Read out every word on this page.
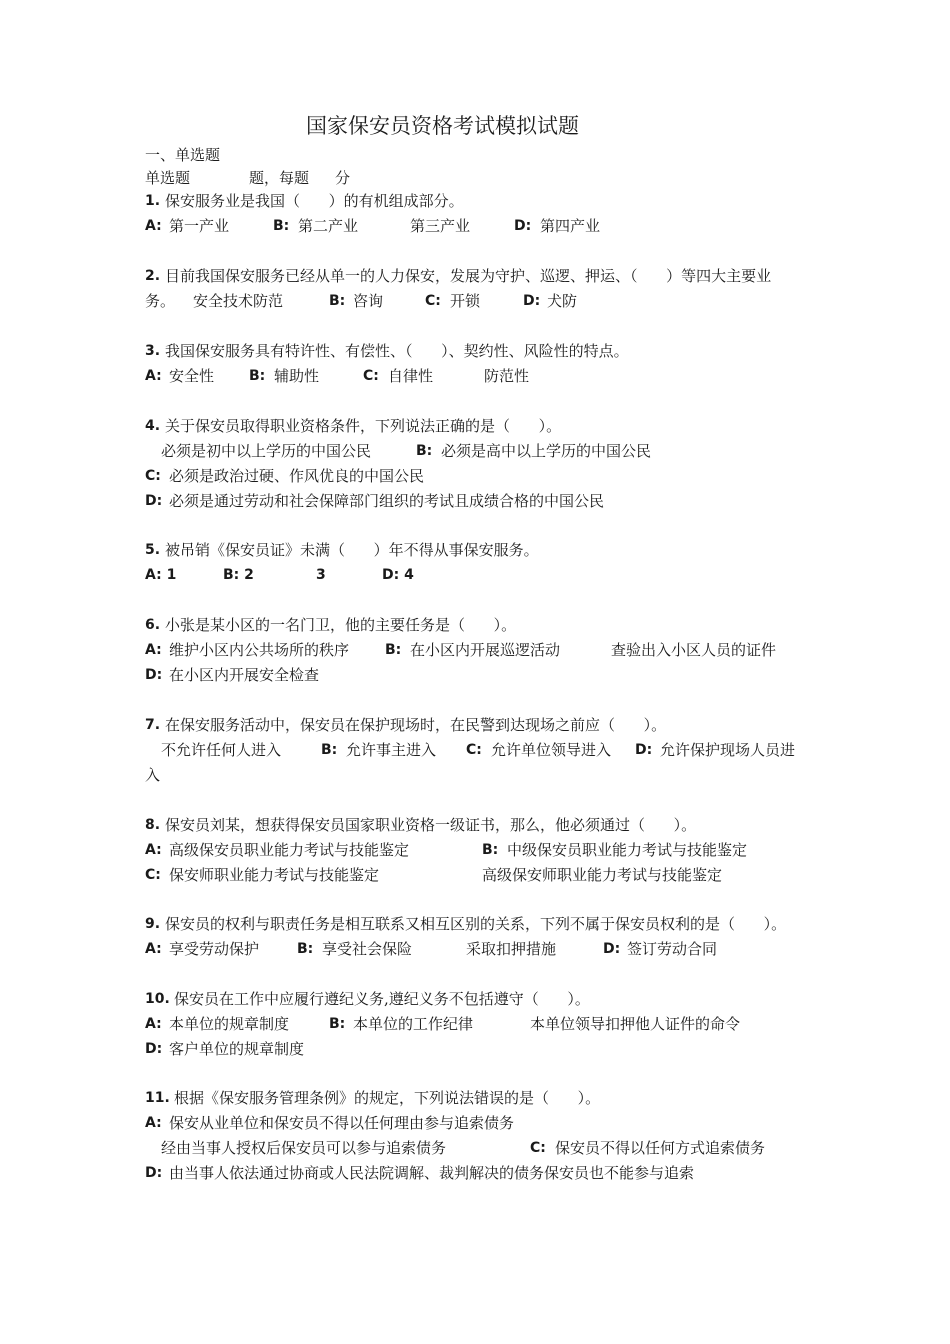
国家保安员资格考试模拟试题
一、单选题

单选题

	题，每题

分

1.

保安服务业是我国（      ）的有机组成部分。

A:

第一产业

	B:

第二产业

	第三产业

	D:

第四产业

2.

目前我国保安服务已经从单一的人力保安，发展为守护、巡逻、押运、（      ）等四大主要业

务。

安全技术防范

	B:

咨询

	C:

开锁

	D:

犬防

3.

我国保安服务具有特许性、有偿性、（      ）、契约性、风险性的特点。

A:

安全性

B:

辅助性

	C:

自律性

	防范性

4.

关于保安员取得职业资格条件，下列说法正确的是（      ）。

必须是初中以上学历的中国公民

	B:

必须是高中以上学历的中国公民

C:

必须是政治过硬、作风优良的中国公民

D:

必须是通过劳动和社会保障部门组织的考试且成绩合格的中国公民

5.

被吊销《保安员证》未满（      ）年不得从事保安服务。

A: 1

	B: 2

	3

	D: 4

6.

小张是某小区的一名门卫，他的主要任务是（      ）。

A:

维护小区内公共场所的秩序

	B:

在小区内开展巡逻活动

	查验出入小区人员的证件

D:

在小区内开展安全检查

7.

在保安服务活动中，保安员在保护现场时，在民警到达现场之前应（      ）。

不允许任何人进入

	B:

允许事主进入

C:

允许单位领导进入

D:

允许保护现场人员进

入

8.

保安员刘某，想获得保安员国家职业资格一级证书，那么，他必须通过（      ）。

A:

高级保安员职业能力考试与技能鉴定

	B:

中级保安员职业能力考试与技能鉴定

C:

保安师职业能力考试与技能鉴定

	高级保安师职业能力考试与技能鉴定

9.

保安员的权利与职责任务是相互联系又相互区别的关系，下列不属于保安员权利的是（      ）。

A:

享受劳动保护

	B:

享受社会保险

	采取扣押措施

	D:

签订劳动合同

10.

保安员在工作中应履行遵纪义务,遵纪义务不包括遵守（      ）。

A:

本单位的规章制度

	B:

本单位的工作纪律

	本单位领导扣押他人证件的命令

D:

客户单位的规章制度

11.

根据《保安服务管理条例》的规定，下列说法错误的是（      ）。

A:

保安从业单位和保安员不得以任何理由参与追索债务

经由当事人授权后保安员可以参与追索债务

	C:

保安员不得以任何方式追索债务

D:

由当事人依法通过协商或人民法院调解、裁判解决的债务保安员也不能参与追索
